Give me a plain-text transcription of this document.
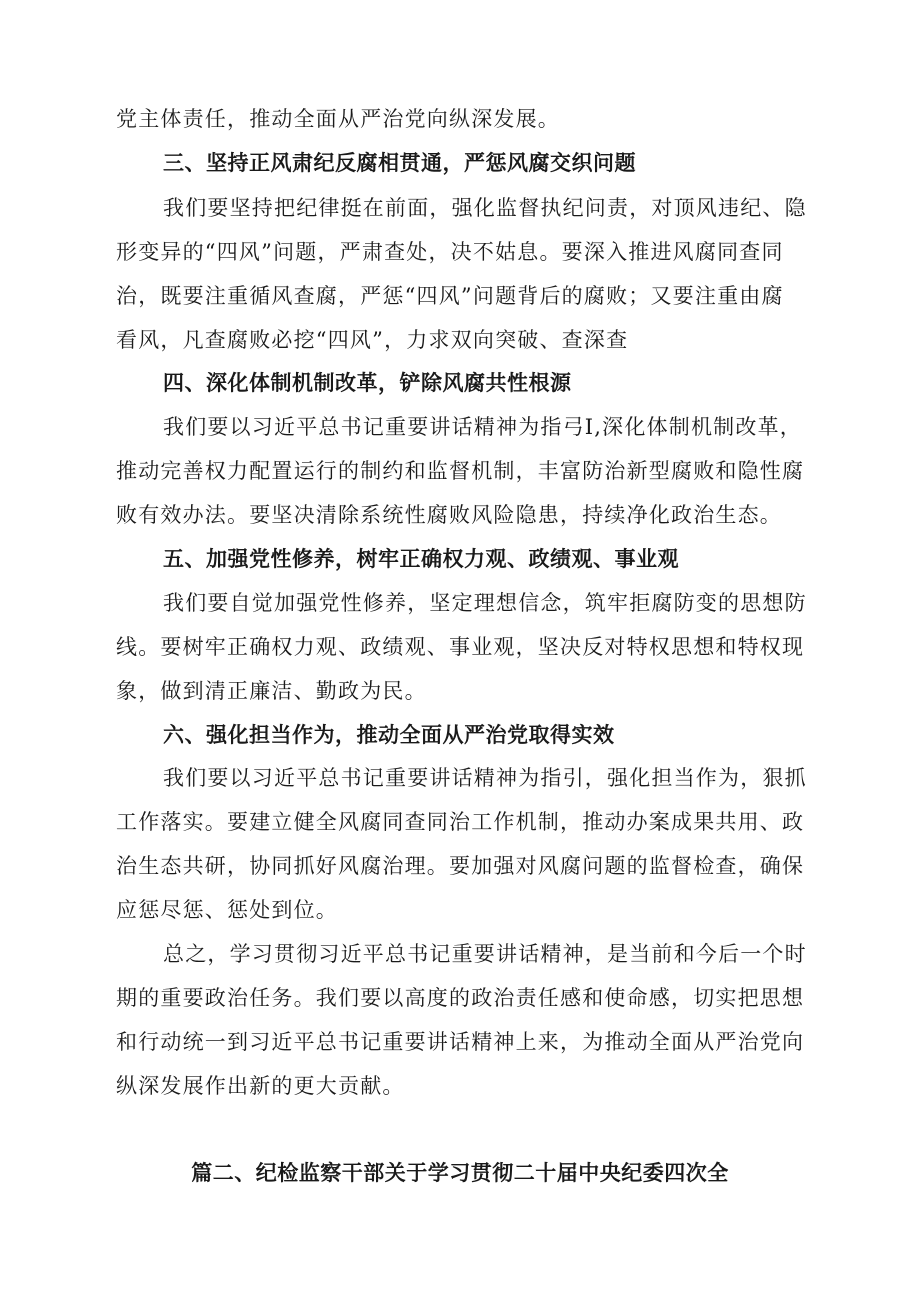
党主体责任，推动全面从严治党向纵深发展。
三、坚持正风肃纪反腐相贯通，严惩风腐交织问题
我们要坚持把纪律挺在前面，强化监督执纪问责，对顶风违纪、隐
形变异的“四风”问题，严肃查处，决不姑息。要深入推进风腐同查同
治，既要注重循风查腐，严惩“四风”问题背后的腐败；又要注重由腐
看风，凡查腐败必挖“四风”，力求双向突破、查深查
四、深化体制机制改革，铲除风腐共性根源
我们要以习近平总书记重要讲话精神为指弓I,深化体制机制改革，
推动完善权力配置运行的制约和监督机制，丰富防治新型腐败和隐性腐
败有效办法。要坚决清除系统性腐败风险隐患，持续净化政治生态。
五、加强党性修养，树牢正确权力观、政绩观、事业观
我们要自觉加强党性修养，坚定理想信念，筑牢拒腐防变的思想防
线。要树牢正确权力观、政绩观、事业观，坚决反对特权思想和特权现
象，做到清正廉洁、勤政为民。
六、强化担当作为，推动全面从严治党取得实效
我们要以习近平总书记重要讲话精神为指引，强化担当作为，狠抓
工作落实。要建立健全风腐同查同治工作机制，推动办案成果共用、政
治生态共研，协同抓好风腐治理。要加强对风腐问题的监督检查，确保
应惩尽惩、惩处到位。
总之，学习贯彻习近平总书记重要讲话精神，是当前和今后一个时
期的重要政治任务。我们要以高度的政治责任感和使命感，切实把思想
和行动统一到习近平总书记重要讲话精神上来，为推动全面从严治党向
纵深发展作出新的更大贡献。
篇二、纪检监察干部关于学习贯彻二十届中央纪委四次全
